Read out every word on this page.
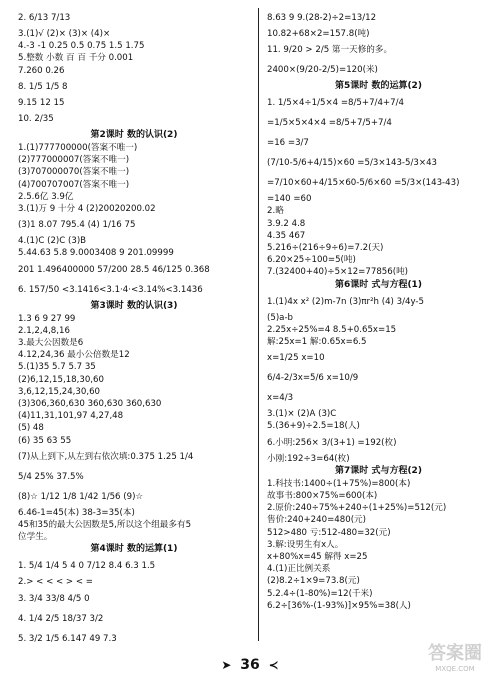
2. 6/13 7/13
3.(1)√ (2)× (3)× (4)×
4.-3 -1 0.25 0.5 0.75 1.5 1.75
5.整数 小数 百 百 千分 0.001
7.260 0.26
8. 1/5 1/5 8
9.15 12 15
10. 2/35
第2课时 数的认识(2)
1.(1)777700000(答案不唯一)
(2)777000007(答案不唯一)
(3)707000070(答案不唯一)
(4)700707007(答案不唯一)
2.5.6亿 3.9亿
3.(1)万 9 十分 4 (2)20020200.02
(3)1 8.07 795.4 (4) 1/16 75
4.(1)C (2)C (3)B
5.44.63 5.8 9.0003408 9 201.09999
201 1.496400000 57/200 28.5 46/125 0.368
6. 157/50 <3.1416<3.1·4·<3.14%<3.1436
第3课时 数的认识(3)
1.3 6 9 27 99
2.1,2,4,8,16
3.最大公因数是6
4.12,24,36 最小公倍数是12
5.(1)35 5.7 5.7 35
(2)6,12,15,18,30,60
3,6,12,15,24,30,60
(3)306,360,630 360,630 360,630
(4)11,31,101,97 4,27,48
(5) 48
(6) 35 63 55
(7)从上到下,从左到右依次填:0.375 1.25 1/4
5/4 25% 37.5%
(8)☆ 1/12 1/8 1/42 1/56 (9)☆
6.46-1=45(本) 38-3=35(本)
45和35的最大公因数是5,所以这个组最多有5
位学生。
第4课时 数的运算(1)
1. 5/4 1/4 5 4 0 7/12 8.4 6.3 1.5
2.> < < < > < =
3. 3/4 33/8 4/5 0
4. 1/4 2/5 18/37 3/2
5. 3/2 1/5 6.147 49 7.3
8.63 9 9.(28-2)÷2=13/12
10.82+68×2=157.8(吨)
11. 9/20 > 2/5 第一天修的多。
2400×(9/20-2/5)=120(米)
第5课时 数的运算(2)
1. 1/5×4÷1/5×4 =8/5+7/4+7/4
=1/5×5×4×4 =8/5+7/5+7/4
=16 =3/7
(7/10-5/6+4/15)×60 =5/3×143-5/3×43
=7/10×60+4/15×60-5/6×60 =5/3×(143-43)
=140 =60
2.略
3.9.2 4.8
4.35 467
5.216÷(216÷9÷6)=7.2(天)
6.20×25÷100=5(吨)
7.(32400+40)÷5×12=77856(吨)
第6课时 式与方程(1)
1.(1)4x x² (2)m-7n (3)πr²h (4) 3/4y-5
(5)a-b
2.25x÷25%=4 8.5+0.65x=15
解:25x=1 解:0.65x=6.5
x=1/25 x=10
6/4-2/3x=5/6 x=10/9
x=4/3
3.(1)× (2)A (3)C
5.(36+9)÷2.5=18(人)
6.小明:256× 3/(3+1) =192(枚)
小刚:192÷3=64(枚)
第7课时 式与方程(2)
1.科技书:1400÷(1+75%)=800(本)
故事书:800×75%=600(本)
2.原价:240÷75%+240÷(1+25%)=512(元)
售价:240+240=480(元)
512>480 亏:512-480=32(元)
3.解:设男生有x人。
x+80%x=45 解得 x=25
4.(1)正比例关系
(2)8.2÷1×9=73.8(元)
5.2.4÷(1-80%)=12(千米)
6.2÷[36%-(1-93%)]×95%=38(人)
➤ 36 ≺
答案圈
MXQE.COM
